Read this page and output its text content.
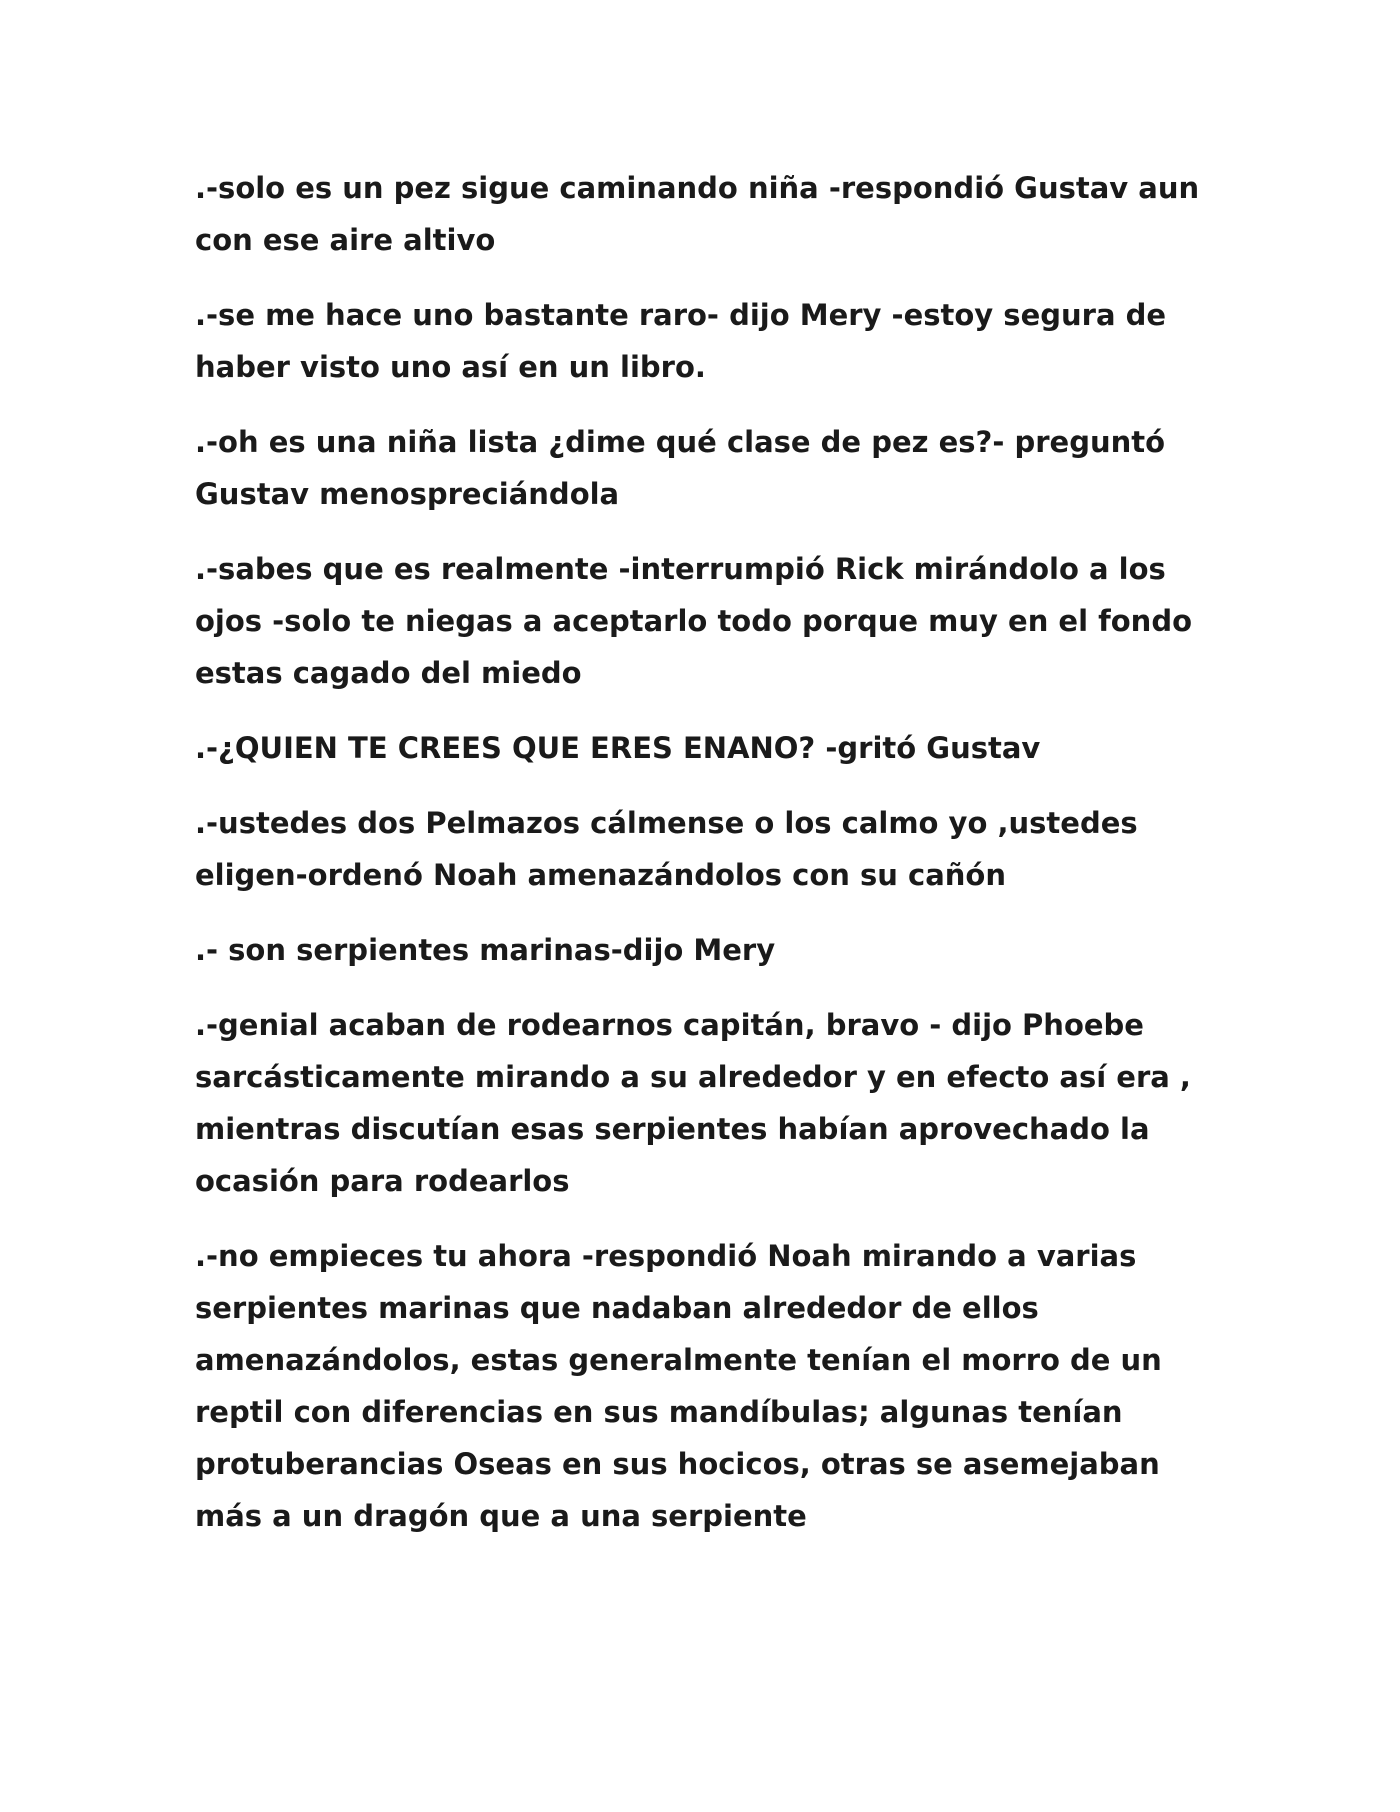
.-solo es un pez sigue caminando niña -respondió Gustav aun con ese aire altivo

.-se me hace uno bastante raro- dijo Mery -estoy segura de haber visto uno así en un libro.

.-oh es una niña lista ¿dime qué clase de pez es?- preguntó Gustav menospreciándola

.-sabes que es realmente -interrumpió Rick mirándolo a los ojos -solo te niegas a aceptarlo todo porque muy en el fondo estas cagado del miedo

.-¿QUIEN TE CREES QUE ERES ENANO? -gritó Gustav

.-ustedes dos Pelmazos cálmense o los calmo yo ,ustedes eligen-ordenó Noah amenazándolos con su cañón

.- son serpientes marinas-dijo Mery

.-genial acaban de rodearnos capitán, bravo - dijo Phoebe sarcásticamente mirando a su alrededor y en efecto así era , mientras discutían esas serpientes habían aprovechado la ocasión para rodearlos

.-no empieces tu ahora -respondió Noah mirando a varias serpientes marinas que nadaban alrededor de ellos amenazándolos, estas generalmente tenían el morro de un reptil con diferencias en sus mandíbulas; algunas tenían protuberancias Oseas en sus hocicos, otras se asemejaban más a un dragón que a una serpiente
